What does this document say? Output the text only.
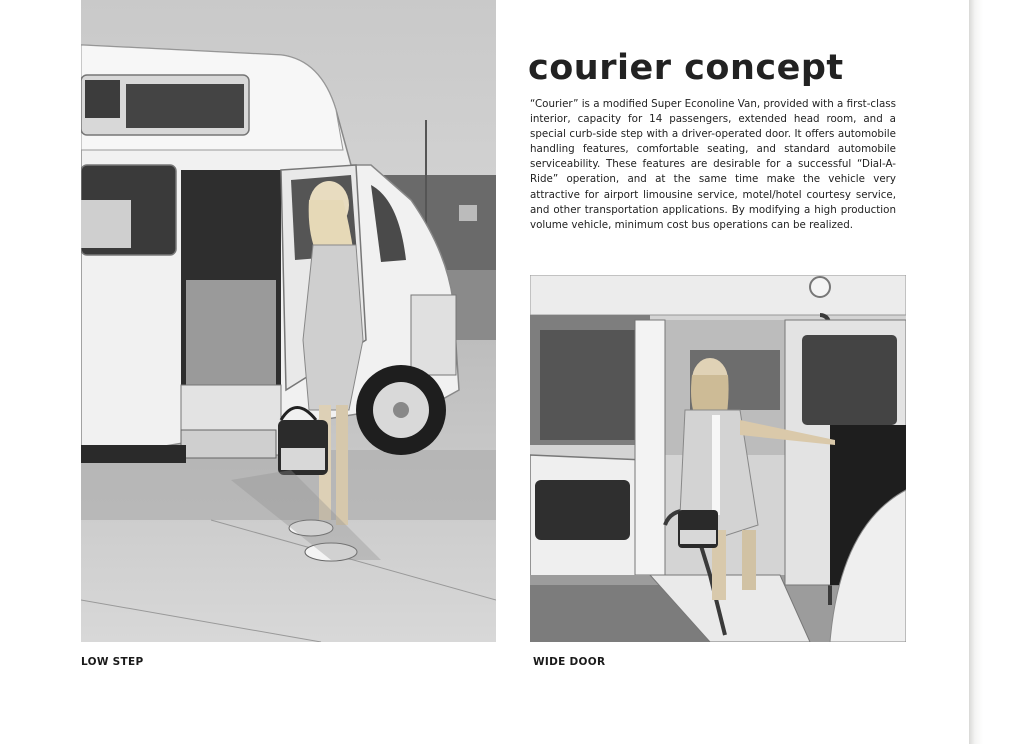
LOW STEP
courier concept

“Courier” is a modified Super Econoline Van, provided with a first-class interior, capacity for 14 passengers, extended head room, and a special curb-side step with a driver-operated door. It offers automobile handling features, comfortable seating, and standard automobile serviceability. These features are desirable for a successful “Dial-A-Ride” operation, and at the same time make the vehicle very attractive for airport limousine service, motel/hotel courtesy service, and other transportation applications. By modifying a high production volume vehicle, minimum cost bus operations can be realized.

WIDE DOOR
